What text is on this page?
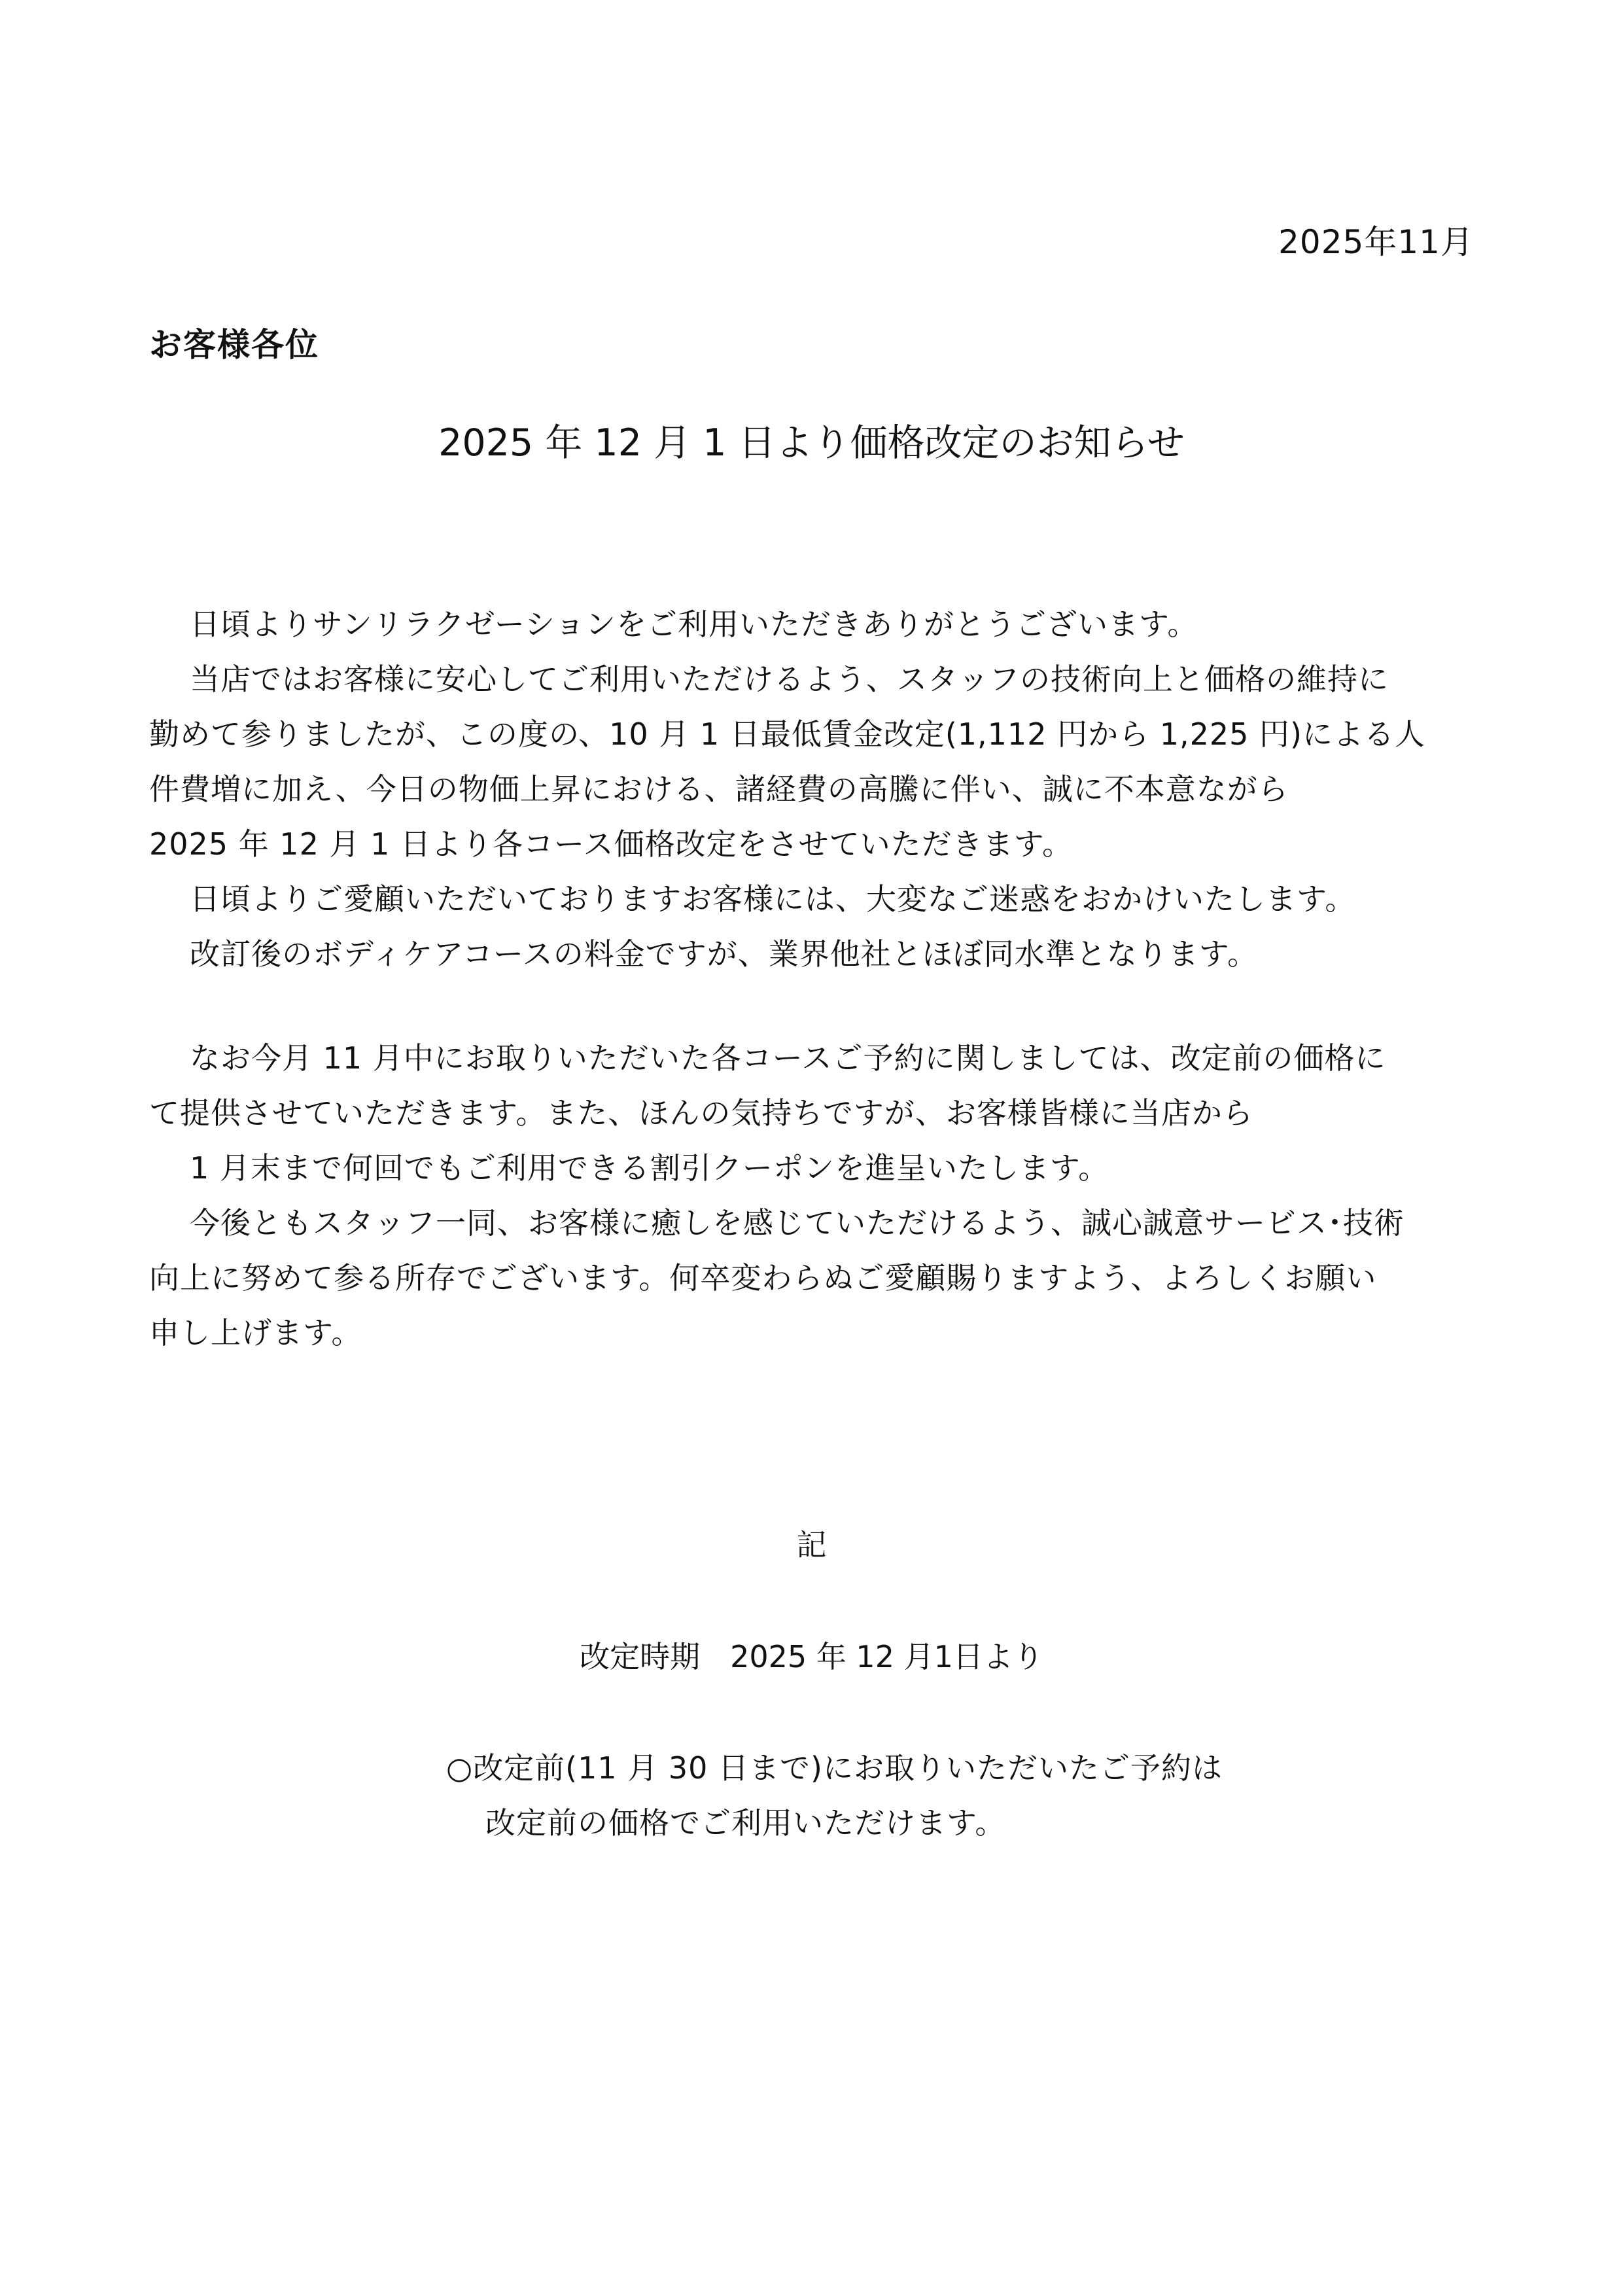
2025年11月
お客様各位
2025 年 12 月 1 日より価格改定のお知らせ
日頃よりサンリラクゼーションをご利用いただきありがとうございます。
当店ではお客様に安心してご利用いただけるよう、スタッフの技術向上と価格の維持に
勤めて参りましたが、この度の、10 月 1 日最低賃金改定(1,112 円から 1,225 円)による人
件費増に加え、今日の物価上昇における、諸経費の高騰に伴い、誠に不本意ながら
2025 年 12 月 1 日より各コース価格改定をさせていただきます。
日頃よりご愛顧いただいておりますお客様には、大変なご迷惑をおかけいたします。
改訂後のボディケアコースの料金ですが、業界他社とほぼ同水準となります。
なお今月 11 月中にお取りいただいた各コースご予約に関しましては、改定前の価格に
て提供させていただきます。また、ほんの気持ちですが、お客様皆様に当店から
1 月末まで何回でもご利用できる割引クーポンを進呈いたします。
今後ともスタッフ一同、お客様に癒しを感じていただけるよう、誠心誠意サービス･技術
向上に努めて参る所存でございます。何卒変わらぬご愛顧賜りますよう、よろしくお願い
申し上げます。
記
改定時期　2025 年 12 月1日より
○改定前(11 月 30 日まで)にお取りいただいたご予約は
改定前の価格でご利用いただけます。
